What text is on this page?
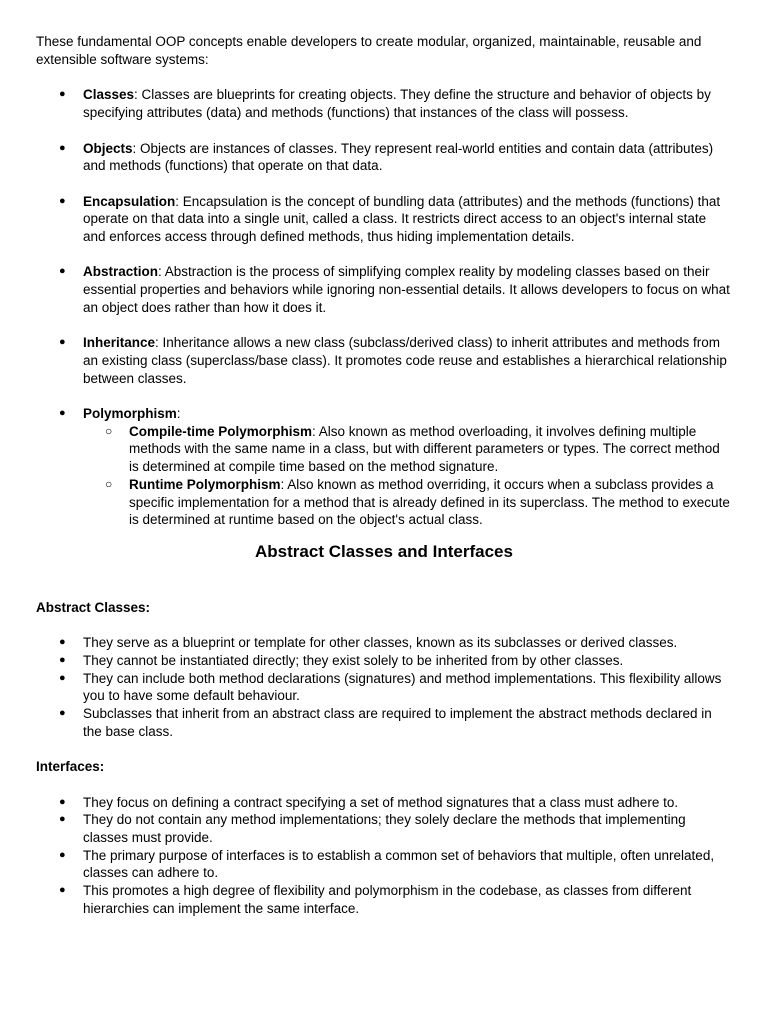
These fundamental OOP concepts enable developers to create modular, organized, maintainable, reusable and extensible software systems:

● Classes: Classes are blueprints for creating objects. They define the structure and behavior of objects by specifying attributes (data) and methods (functions) that instances of the class will possess.
● Objects: Objects are instances of classes. They represent real-world entities and contain data (attributes) and methods (functions) that operate on that data.
● Encapsulation: Encapsulation is the concept of bundling data (attributes) and the methods (functions) that operate on that data into a single unit, called a class. It restricts direct access to an object's internal state and enforces access through defined methods, thus hiding implementation details.
● Abstraction: Abstraction is the process of simplifying complex reality by modeling classes based on their essential properties and behaviors while ignoring non-essential details. It allows developers to focus on what an object does rather than how it does it.
● Inheritance: Inheritance allows a new class (subclass/derived class) to inherit attributes and methods from an existing class (superclass/base class). It promotes code reuse and establishes a hierarchical relationship between classes.
● Polymorphism:
○ Compile-time Polymorphism: Also known as method overloading, it involves defining multiple methods with the same name in a class, but with different parameters or types. The correct method is determined at compile time based on the method signature.
○ Runtime Polymorphism: Also known as method overriding, it occurs when a subclass provides a specific implementation for a method that is already defined in its superclass. The method to execute is determined at runtime based on the object's actual class.
Abstract Classes and Interfaces

Abstract Classes:

● They serve as a blueprint or template for other classes, known as its subclasses or derived classes.
● They cannot be instantiated directly; they exist solely to be inherited from by other classes.
● They can include both method declarations (signatures) and method implementations. This flexibility allows you to have some default behaviour.
● Subclasses that inherit from an abstract class are required to implement the abstract methods declared in the base class.

Interfaces:

● They focus on defining a contract specifying a set of method signatures that a class must adhere to.
● They do not contain any method implementations; they solely declare the methods that implementing classes must provide.
● The primary purpose of interfaces is to establish a common set of behaviors that multiple, often unrelated, classes can adhere to.
● This promotes a high degree of flexibility and polymorphism in the codebase, as classes from different hierarchies can implement the same interface.
